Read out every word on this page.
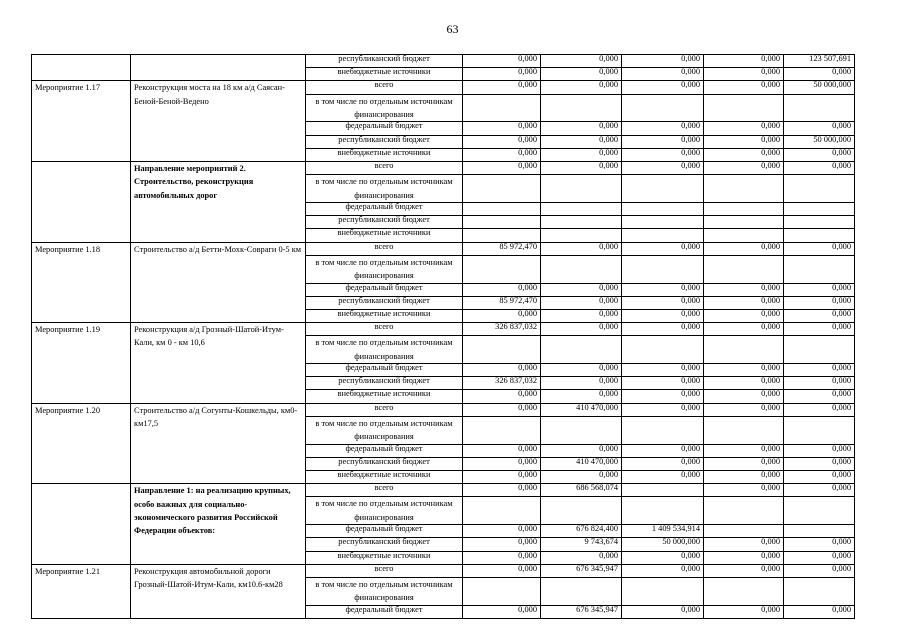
63
		республиканский бюджет	0,000	0,000	0,000	0,000	123 507,691
		внебюджетные источники	0,000	0,000	0,000	0,000	0,000
Мероприятие 1.17	Реконструкция моста на 18 км а/д Саясан-Беной-Беной-Ведено	всего	0,000	0,000	0,000	0,000	50 000,000
		в том числе по отдельным источникам финансирования					
		федеральный бюджет	0,000	0,000	0,000	0,000	0,000
		республиканский бюджет	0,000	0,000	0,000	0,000	50 000,000
		внебюджетные источники	0,000	0,000	0,000	0,000	0,000
	Направление мероприятий 2. Строительство, реконструкция автомобильных дорог	всего	0,000	0,000	0,000	0,000	0,000
		в том числе по отдельным источникам финансирования					
		федеральный бюджет					
		республиканский бюджет					
		внебюджетные источники					
Мероприятие 1.18	Строительство а/д Бетти-Мохк-Совраги 0-5 км	всего	85 972,470	0,000	0,000	0,000	0,000
		в том числе по отдельным источникам финансирования					
		федеральный бюджет	0,000	0,000	0,000	0,000	0,000
		республиканский бюджет	85 972,470	0,000	0,000	0,000	0,000
		внебюджетные источники	0,000	0,000	0,000	0,000	0,000
Мероприятие 1.19	Реконструкция а/д Грозный-Шатой-Итум-Кали, км 0 - км 10,6	всего	326 837,032	0,000	0,000	0,000	0,000
		в том числе по отдельным источникам финансирования					
		федеральный бюджет	0,000	0,000	0,000	0,000	0,000
		республиканский бюджет	326 837,032	0,000	0,000	0,000	0,000
		внебюджетные источники	0,000	0,000	0,000	0,000	0,000
Мероприятие 1.20	Строительство а/д Согунты-Кошкельды, км0-км17,5	всего	0,000	410 470,000	0,000	0,000	0,000
		в том числе по отдельным источникам финансирования					
		федеральный бюджет	0,000	0,000	0,000	0,000	0,000
		республиканский бюджет	0,000	410 470,000	0,000	0,000	0,000
		внебюджетные источники	0,000	0,000	0,000	0,000	0,000
	Направление 1: на реализацию крупных, особо важных для социально-экономического развития Российской Федерации объектов:	всего	0,000	686 568,074		0,000	0,000
		в том числе по отдельным источникам финансирования					
		федеральный бюджет	0,000	676 824,400	1 409 534,914		
		республиканский бюджет	0,000	9 743,674	50 000,000	0,000	0,000
		внебюджетные источники	0,000	0,000	0,000	0,000	0,000
Мероприятие 1.21	Реконструкция автомобильной дороги Грозный-Шатой-Итум-Кали, км10.6-км28	всего	0,000	676 345,947	0,000	0,000	0,000
		в том числе по отдельным источникам финансирования					
		федеральный бюджет	0,000	676 345,947	0,000	0,000	0,000
